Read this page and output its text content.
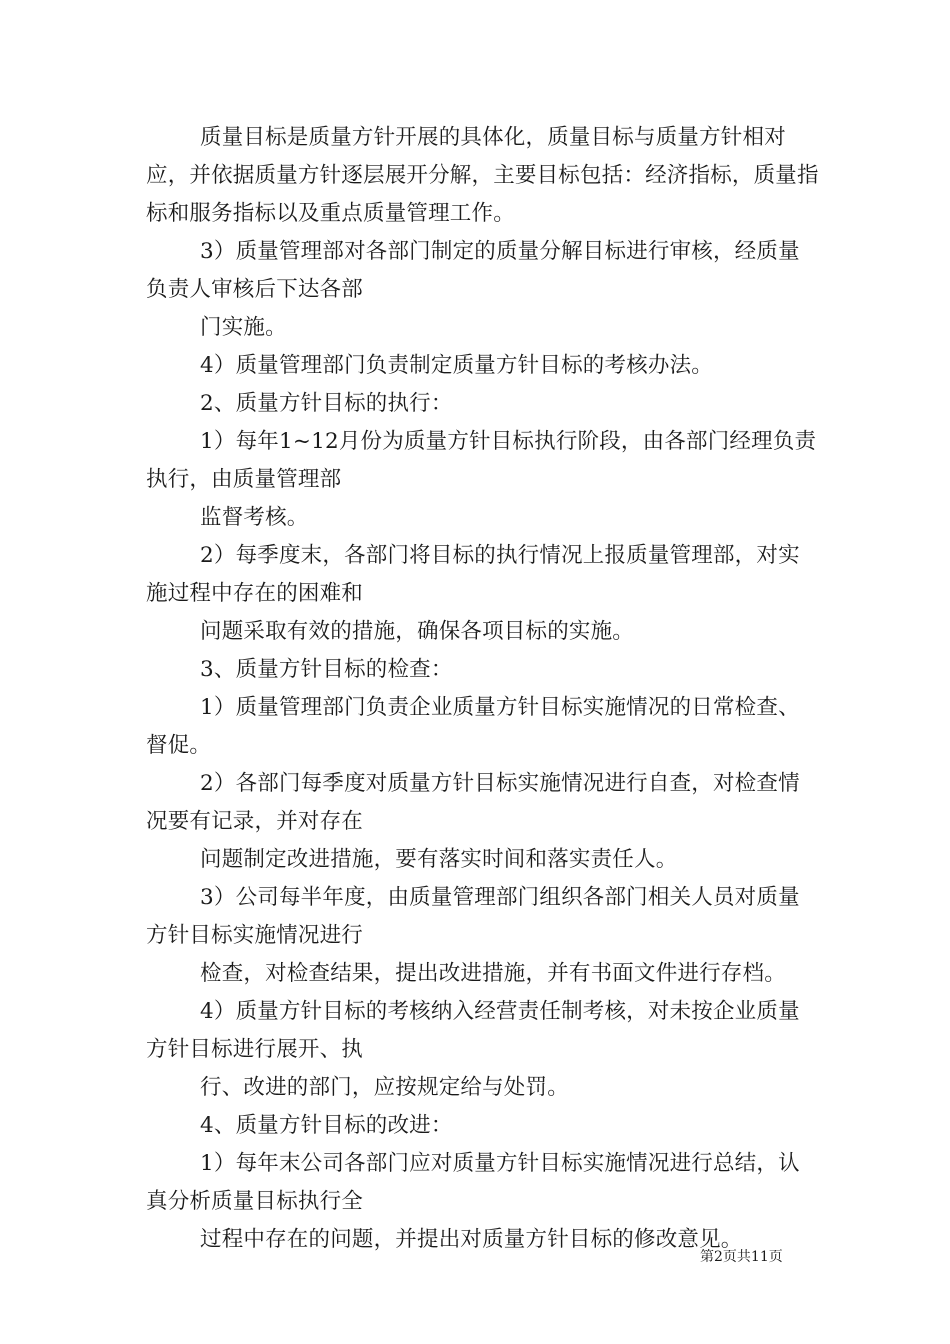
质量目标是质量方针开展的具体化，质量目标与质量方针相对应，并依据质量方针逐层展开分解，主要目标包括：经济指标，质量指标和服务指标以及重点质量管理工作。

3）质量管理部对各部门制定的质量分解目标进行审核，经质量负责人审核后下达各部

门实施。

4）质量管理部门负责制定质量方针目标的考核办法。

2、质量方针目标的执行：

1）每年1~12月份为质量方针目标执行阶段，由各部门经理负责执行，由质量管理部

监督考核。

2）每季度末，各部门将目标的执行情况上报质量管理部，对实施过程中存在的困难和

问题采取有效的措施，确保各项目标的实施。

3、质量方针目标的检查：

1）质量管理部门负责企业质量方针目标实施情况的日常检查、督促。

2）各部门每季度对质量方针目标实施情况进行自查，对检查情况要有记录，并对存在

问题制定改进措施，要有落实时间和落实责任人。

3）公司每半年度，由质量管理部门组织各部门相关人员对质量方针目标实施情况进行

检查，对检查结果，提出改进措施，并有书面文件进行存档。

4）质量方针目标的考核纳入经营责任制考核，对未按企业质量方针目标进行展开、执

行、改进的部门，应按规定给与处罚。

4、质量方针目标的改进：

1）每年末公司各部门应对质量方针目标实施情况进行总结，认真分析质量目标执行全

过程中存在的问题，并提出对质量方针目标的修改意见。

第2页共11页
